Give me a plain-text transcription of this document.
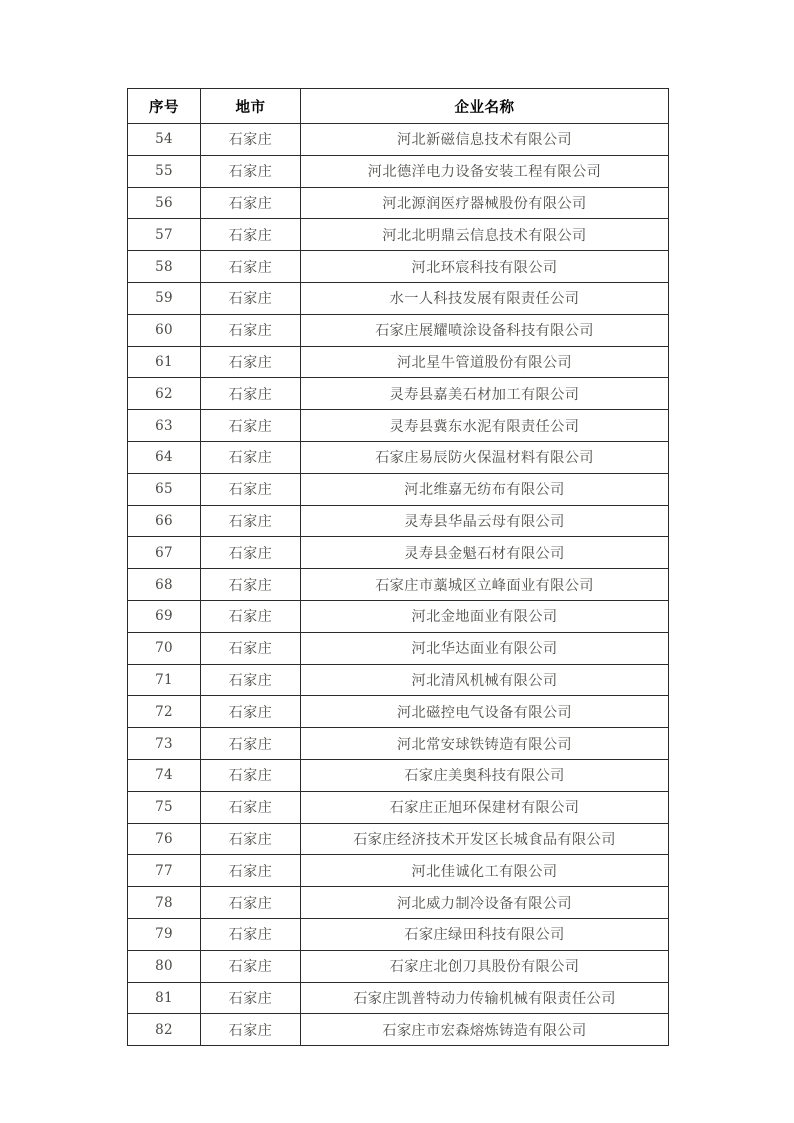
序号	地市	企业名称
54	石家庄	河北新磁信息技术有限公司
55	石家庄	河北德洋电力设备安装工程有限公司
56	石家庄	河北源润医疗器械股份有限公司
57	石家庄	河北北明鼎云信息技术有限公司
58	石家庄	河北环宸科技有限公司
59	石家庄	水一人科技发展有限责任公司
60	石家庄	石家庄展耀喷涂设备科技有限公司
61	石家庄	河北星牛管道股份有限公司
62	石家庄	灵寿县嘉美石材加工有限公司
63	石家庄	灵寿县冀东水泥有限责任公司
64	石家庄	石家庄易辰防火保温材料有限公司
65	石家庄	河北维嘉无纺布有限公司
66	石家庄	灵寿县华晶云母有限公司
67	石家庄	灵寿县金魁石材有限公司
68	石家庄	石家庄市藁城区立峰面业有限公司
69	石家庄	河北金地面业有限公司
70	石家庄	河北华达面业有限公司
71	石家庄	河北清风机械有限公司
72	石家庄	河北磁控电气设备有限公司
73	石家庄	河北常安球铁铸造有限公司
74	石家庄	石家庄美奥科技有限公司
75	石家庄	石家庄正旭环保建材有限公司
76	石家庄	石家庄经济技术开发区长城食品有限公司
77	石家庄	河北佳诚化工有限公司
78	石家庄	河北威力制冷设备有限公司
79	石家庄	石家庄绿田科技有限公司
80	石家庄	石家庄北创刀具股份有限公司
81	石家庄	石家庄凯普特动力传输机械有限责任公司
82	石家庄	石家庄市宏森熔炼铸造有限公司
